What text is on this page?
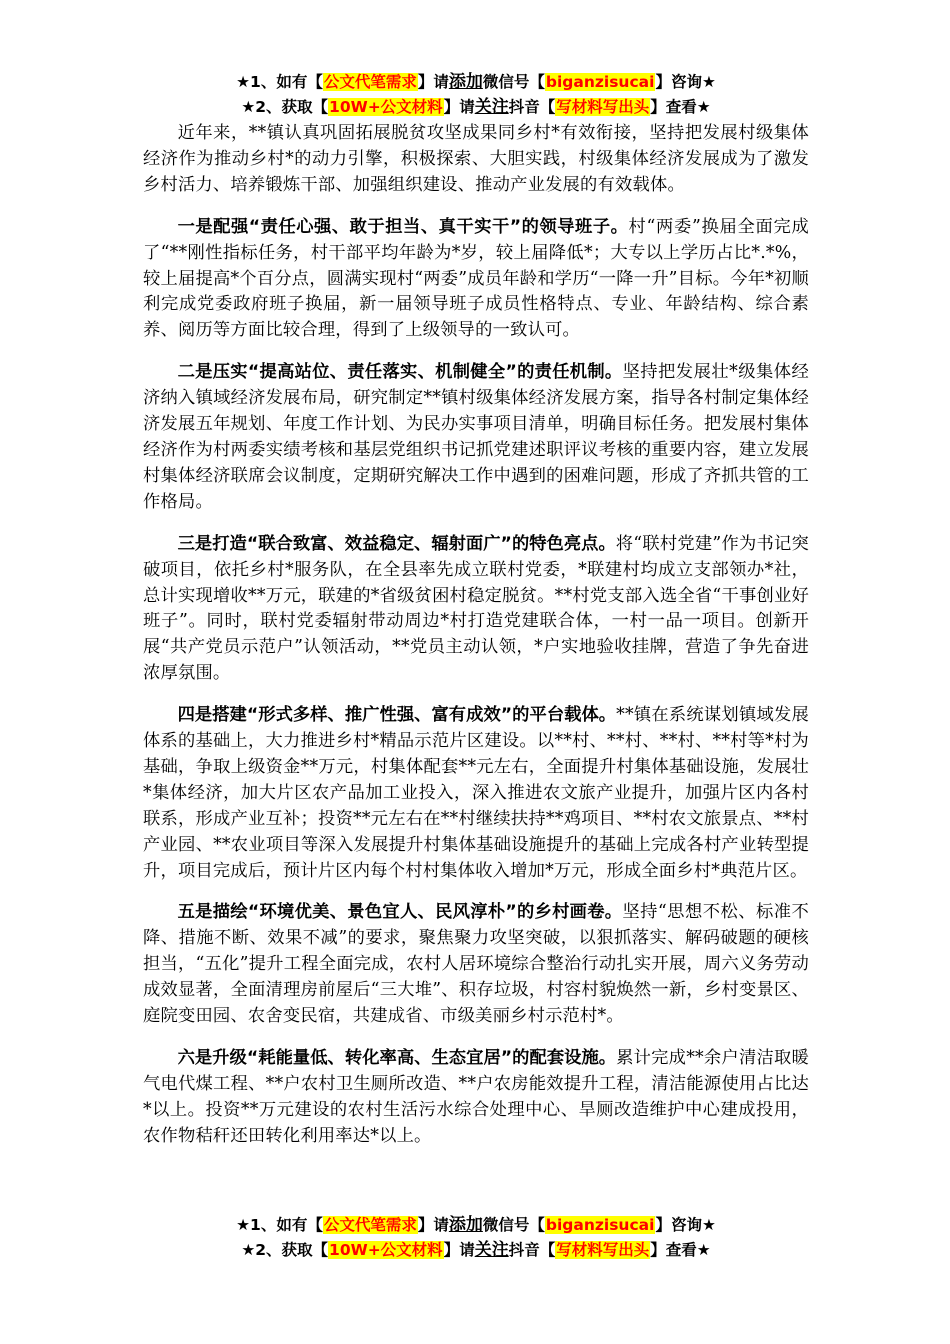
★1、如有【公文代笔需求】请添加微信号【biganzisucai】咨询★
★2、获取【10W+公文材料】请关注抖音【写材料写出头】查看★

近年来，**镇认真巩固拓展脱贫攻坚成果同乡村*有效衔接，坚持把发展村级集体经济作为推动乡村*的动力引擎，积极探索、大胆实践，村级集体经济发展成为了激发乡村活力、培养锻炼干部、加强组织建设、推动产业发展的有效载体。

一是配强“责任心强、敢于担当、真干实干”的领导班子。村“两委”换届全面完成了“**刚性指标任务，村干部平均年龄为*岁，较上届降低*；大专以上学历占比*.*%，较上届提高*个百分点，圆满实现村“两委”成员年龄和学历“一降一升”目标。今年*初顺利完成党委政府班子换届，新一届领导班子成员性格特点、专业、年龄结构、综合素养、阅历等方面比较合理，得到了上级领导的一致认可。

二是压实“提高站位、责任落实、机制健全”的责任机制。坚持把发展壮*级集体经济纳入镇域经济发展布局，研究制定**镇村级集体经济发展方案，指导各村制定集体经济发展五年规划、年度工作计划、为民办实事项目清单，明确目标任务。把发展村集体经济作为村两委实绩考核和基层党组织书记抓党建述职评议考核的重要内容，建立发展村集体经济联席会议制度，定期研究解决工作中遇到的困难问题，形成了齐抓共管的工作格局。

三是打造“联合致富、效益稳定、辐射面广”的特色亮点。将“联村党建”作为书记突破项目，依托乡村*服务队，在全县率先成立联村党委，*联建村均成立支部领办*社，总计实现增收**万元，联建的*省级贫困村稳定脱贫。**村党支部入选全省“干事创业好班子”。同时，联村党委辐射带动周边*村打造党建联合体，一村一品一项目。创新开展“共产党员示范户”认领活动，**党员主动认领，*户实地验收挂牌，营造了争先奋进浓厚氛围。

四是搭建“形式多样、推广性强、富有成效”的平台载体。**镇在系统谋划镇域发展体系的基础上，大力推进乡村*精品示范片区建设。以**村、**村、**村、**村等*村为基础，争取上级资金**万元，村集体配套**元左右，全面提升村集体基础设施，发展壮*集体经济，加大片区农产品加工业投入，深入推进农文旅产业提升，加强片区内各村联系，形成产业互补；投资**元左右在**村继续扶持**鸡项目、**村农文旅景点、**村产业园、**农业项目等深入发展提升村集体基础设施提升的基础上完成各村产业转型提升，项目完成后，预计片区内每个村村集体收入增加*万元，形成全面乡村*典范片区。

五是描绘“环境优美、景色宜人、民风淳朴”的乡村画卷。坚持“思想不松、标准不降、措施不断、效果不减”的要求，聚焦聚力攻坚突破，以狠抓落实、解码破题的硬核担当，“五化”提升工程全面完成，农村人居环境综合整治行动扎实开展，周六义务劳动成效显著，全面清理房前屋后“三大堆”、积存垃圾，村容村貌焕然一新，乡村变景区、庭院变田园、农舍变民宿，共建成省、市级美丽乡村示范村*。

六是升级“耗能量低、转化率高、生态宜居”的配套设施。累计完成**余户清洁取暖气电代煤工程、**户农村卫生厕所改造、**户农房能效提升工程，清洁能源使用占比达*以上。投资**万元建设的农村生活污水综合处理中心、旱厕改造维护中心建成投用，农作物秸秆还田转化利用率达*以上。

★1、如有【公文代笔需求】请添加微信号【biganzisucai】咨询★
★2、获取【10W+公文材料】请关注抖音【写材料写出头】查看★
